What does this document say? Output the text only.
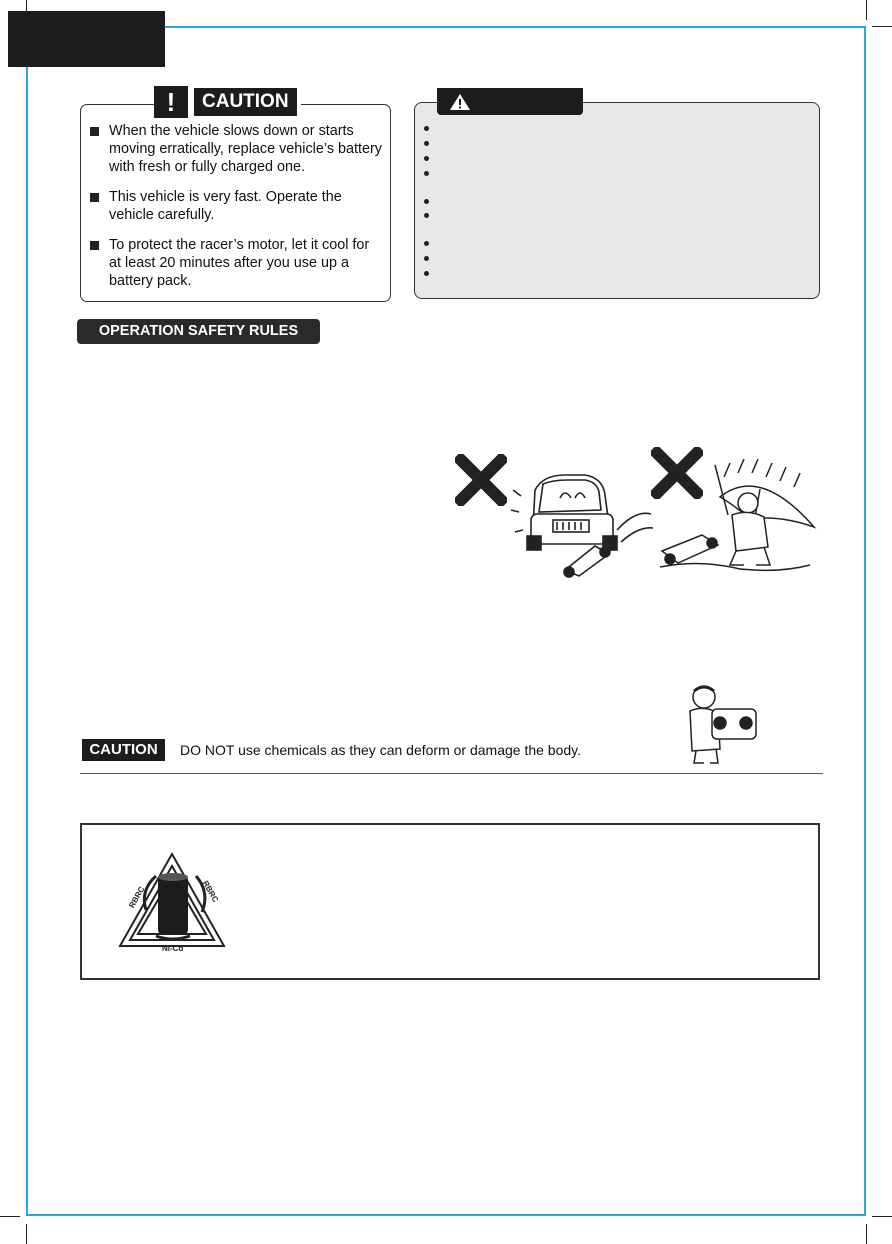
!	CAUTION
When the vehicle slows down or starts moving erratically, replace vehicle’s battery with fresh or fully charged one.
This vehicle is very fast. Operate the vehicle carefully.
To protect the racer’s motor, let it cool for at least 20 minutes after you use up a battery pack.
OPERATION SAFETY RULES
CAUTION	DO NOT use chemicals as they can deform or damage the body.
RBRC	RBRC
Ni-Cd
